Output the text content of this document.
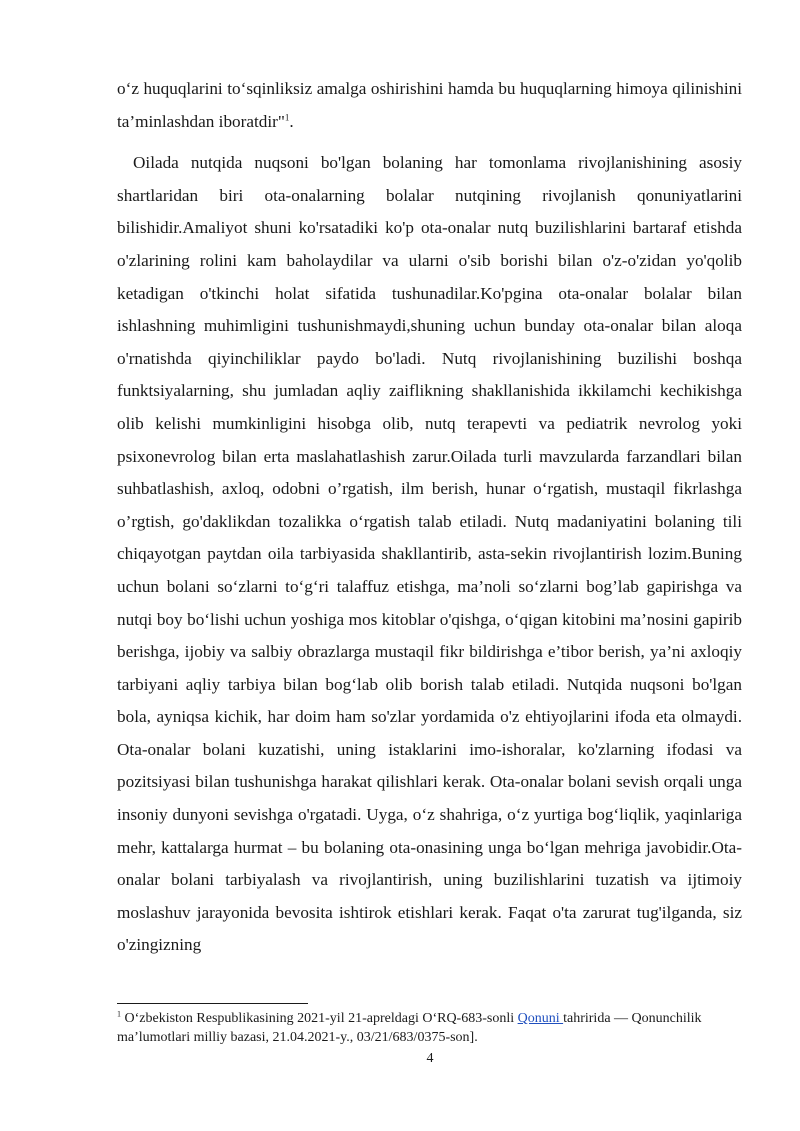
o‘z huquqlarini to‘sqinliksiz amalga oshirishini hamda bu huquqlarning himoya qilinishini ta’minlashdan iboratdir"$^1$.

Oilada nutqida nuqsoni bo'lgan bolaning har tomonlama rivojlanishining asosiy shartlaridan biri ota-onalarning bolalar nutqining rivojlanish qonuniyatlarini bilishidir.Amaliyot shuni ko'rsatadiki ko'p ota-onalar nutq buzilishlarini bartaraf etishda o'zlarining rolini kam baholaydilar va ularni o'sib borishi bilan o'z-o'zidan yo'qolib ketadigan o'tkinchi holat sifatida tushunadilar.Ko'pgina ota-onalar bolalar bilan ishlashning muhimligini tushunishmaydi,shuning uchun bunday ota-onalar bilan aloqa o'rnatishda qiyinchiliklar paydo bo'ladi. Nutq rivojlanishining buzilishi boshqa funktsiyalarning, shu jumladan aqliy zaiflikning shakllanishida ikkilamchi kechikishga olib kelishi mumkinligini hisobga olib, nutq terapevti va pediatrik nevrolog yoki psixonevrolog bilan erta maslahatlashish zarur.Oilada turli mavzularda farzandlari bilan suhbatlashish, axloq, odobni o’rgatish, ilm berish, hunar o‘rgatish, mustaqil fikrlashga o’rgtish, go'daklikdan tozalikka o‘rgatish talab etiladi. Nutq madaniyatini bolaning tili chiqayotgan paytdan oila tarbiyasida shakllantirib, asta-sekin rivojlantirish lozim.Buning uchun bolani so‘zlarni to‘g‘ri talaffuz etishga, ma’noli so‘zlarni bog’lab gapirishga va nutqi boy bo‘lishi uchun yoshiga mos kitoblar o'qishga, o‘qigan kitobini ma’nosini gapirib berishga, ijobiy va salbiy obrazlarga mustaqil fikr bildirishga e’tibor berish, ya’ni axloqiy tarbiyani aqliy tarbiya bilan bog‘lab olib borish talab etiladi. Nutqida nuqsoni bo'lgan bola, ayniqsa kichik, har doim ham so'zlar yordamida o'z ehtiyojlarini ifoda eta olmaydi. Ota-onalar bolani kuzatishi, uning istaklarini imo-ishoralar, ko'zlarning ifodasi va pozitsiyasi bilan tushunishga harakat qilishlari kerak. Ota-onalar bolani sevish orqali unga insoniy dunyoni sevishga o'rgatadi. Uyga, o‘z shahriga, o‘z yurtiga bog‘liqlik, yaqinlariga mehr, kattalarga hurmat – bu bolaning ota-onasining unga bo‘lgan mehriga javobidir.Ota-onalar bolani tarbiyalash va rivojlantirish, uning buzilishlarini tuzatish va ijtimoiy moslashuv jarayonida bevosita ishtirok etishlari kerak. Faqat o'ta zarurat tug'ilganda, siz o'zingizning

$^1$ O‘zbekiston Respublikasining 2021-yil 21-apreldagi O‘RQ-683-sonli Qonuni tahririda — Qonunchilik ma’lumotlari milliy bazasi, 21.04.2021-y., 03/21/683/0375-son].
4
